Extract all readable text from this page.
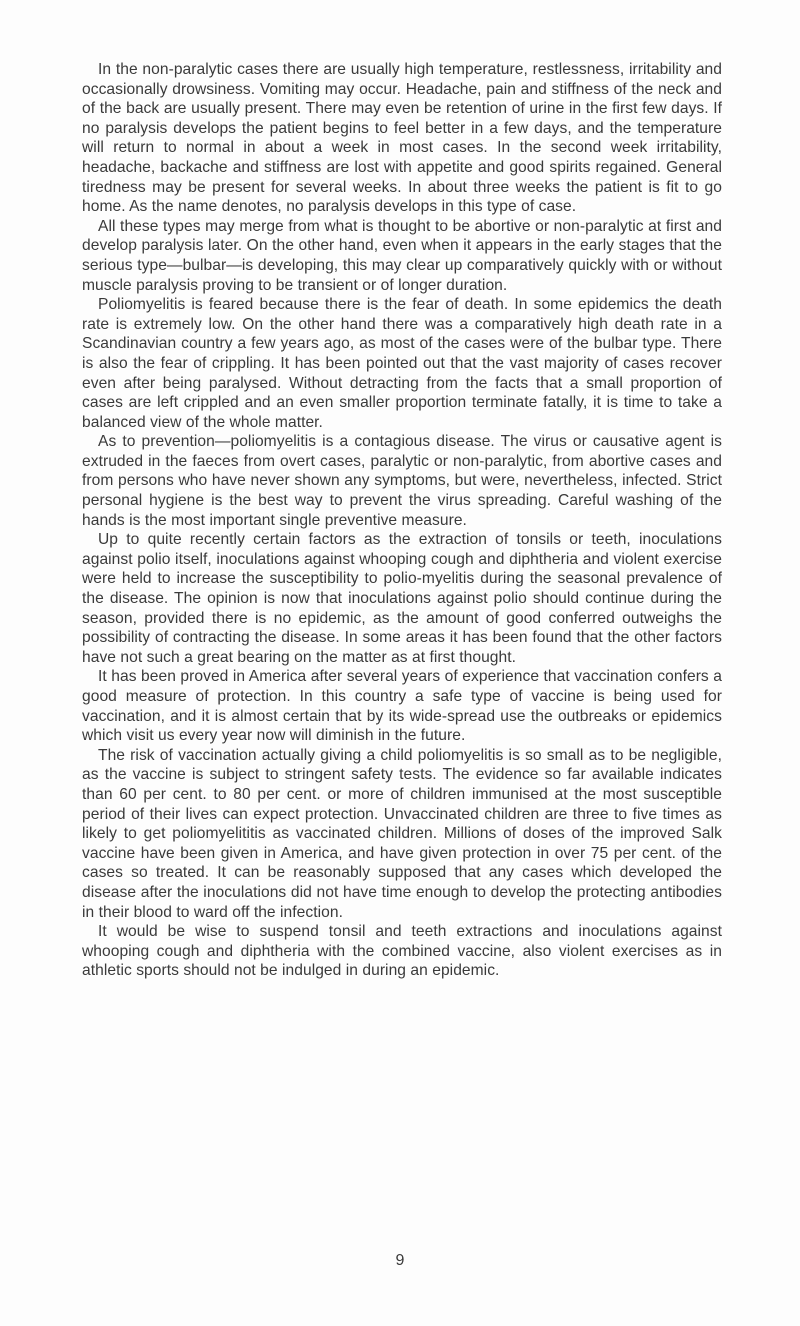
In the non-paralytic cases there are usually high temperature, restlessness, irritability and occasionally drowsiness. Vomiting may occur. Headache, pain and stiffness of the neck and of the back are usually present. There may even be retention of urine in the first few days. If no paralysis develops the patient begins to feel better in a few days, and the temperature will return to normal in about a week in most cases. In the second week irritability, headache, backache and stiffness are lost with appetite and good spirits regained. General tiredness may be present for several weeks. In about three weeks the patient is fit to go home. As the name denotes, no paralysis develops in this type of case.

All these types may merge from what is thought to be abortive or non-paralytic at first and develop paralysis later. On the other hand, even when it appears in the early stages that the serious type—bulbar—is developing, this may clear up comparatively quickly with or without muscle paralysis proving to be transient or of longer duration.

Poliomyelitis is feared because there is the fear of death. In some epidemics the death rate is extremely low. On the other hand there was a comparatively high death rate in a Scandinavian country a few years ago, as most of the cases were of the bulbar type. There is also the fear of crippling. It has been pointed out that the vast majority of cases recover even after being paralysed. Without detracting from the facts that a small proportion of cases are left crippled and an even smaller proportion terminate fatally, it is time to take a balanced view of the whole matter.

As to prevention—poliomyelitis is a contagious disease. The virus or causative agent is extruded in the faeces from overt cases, paralytic or non-paralytic, from abortive cases and from persons who have never shown any symptoms, but were, nevertheless, infected. Strict personal hygiene is the best way to prevent the virus spreading. Careful washing of the hands is the most important single preventive measure.

Up to quite recently certain factors as the extraction of tonsils or teeth, inoculations against polio itself, inoculations against whooping cough and diphtheria and violent exercise were held to increase the susceptibility to polio-myelitis during the seasonal prevalence of the disease. The opinion is now that inoculations against polio should continue during the season, provided there is no epidemic, as the amount of good conferred outweighs the possibility of contracting the disease. In some areas it has been found that the other factors have not such a great bearing on the matter as at first thought.

It has been proved in America after several years of experience that vaccination confers a good measure of protection. In this country a safe type of vaccine is being used for vaccination, and it is almost certain that by its wide-spread use the outbreaks or epidemics which visit us every year now will diminish in the future.

The risk of vaccination actually giving a child poliomyelitis is so small as to be negligible, as the vaccine is subject to stringent safety tests. The evidence so far available indicates than 60 per cent. to 80 per cent. or more of children immunised at the most susceptible period of their lives can expect protection. Unvaccinated children are three to five times as likely to get poliomyelititis as vaccinated children. Millions of doses of the improved Salk vaccine have been given in America, and have given protection in over 75 per cent. of the cases so treated. It can be reasonably supposed that any cases which developed the disease after the inoculations did not have time enough to develop the protecting antibodies in their blood to ward off the infection.

It would be wise to suspend tonsil and teeth extractions and inoculations against whooping cough and diphtheria with the combined vaccine, also violent exercises as in athletic sports should not be indulged in during an epidemic.

9
